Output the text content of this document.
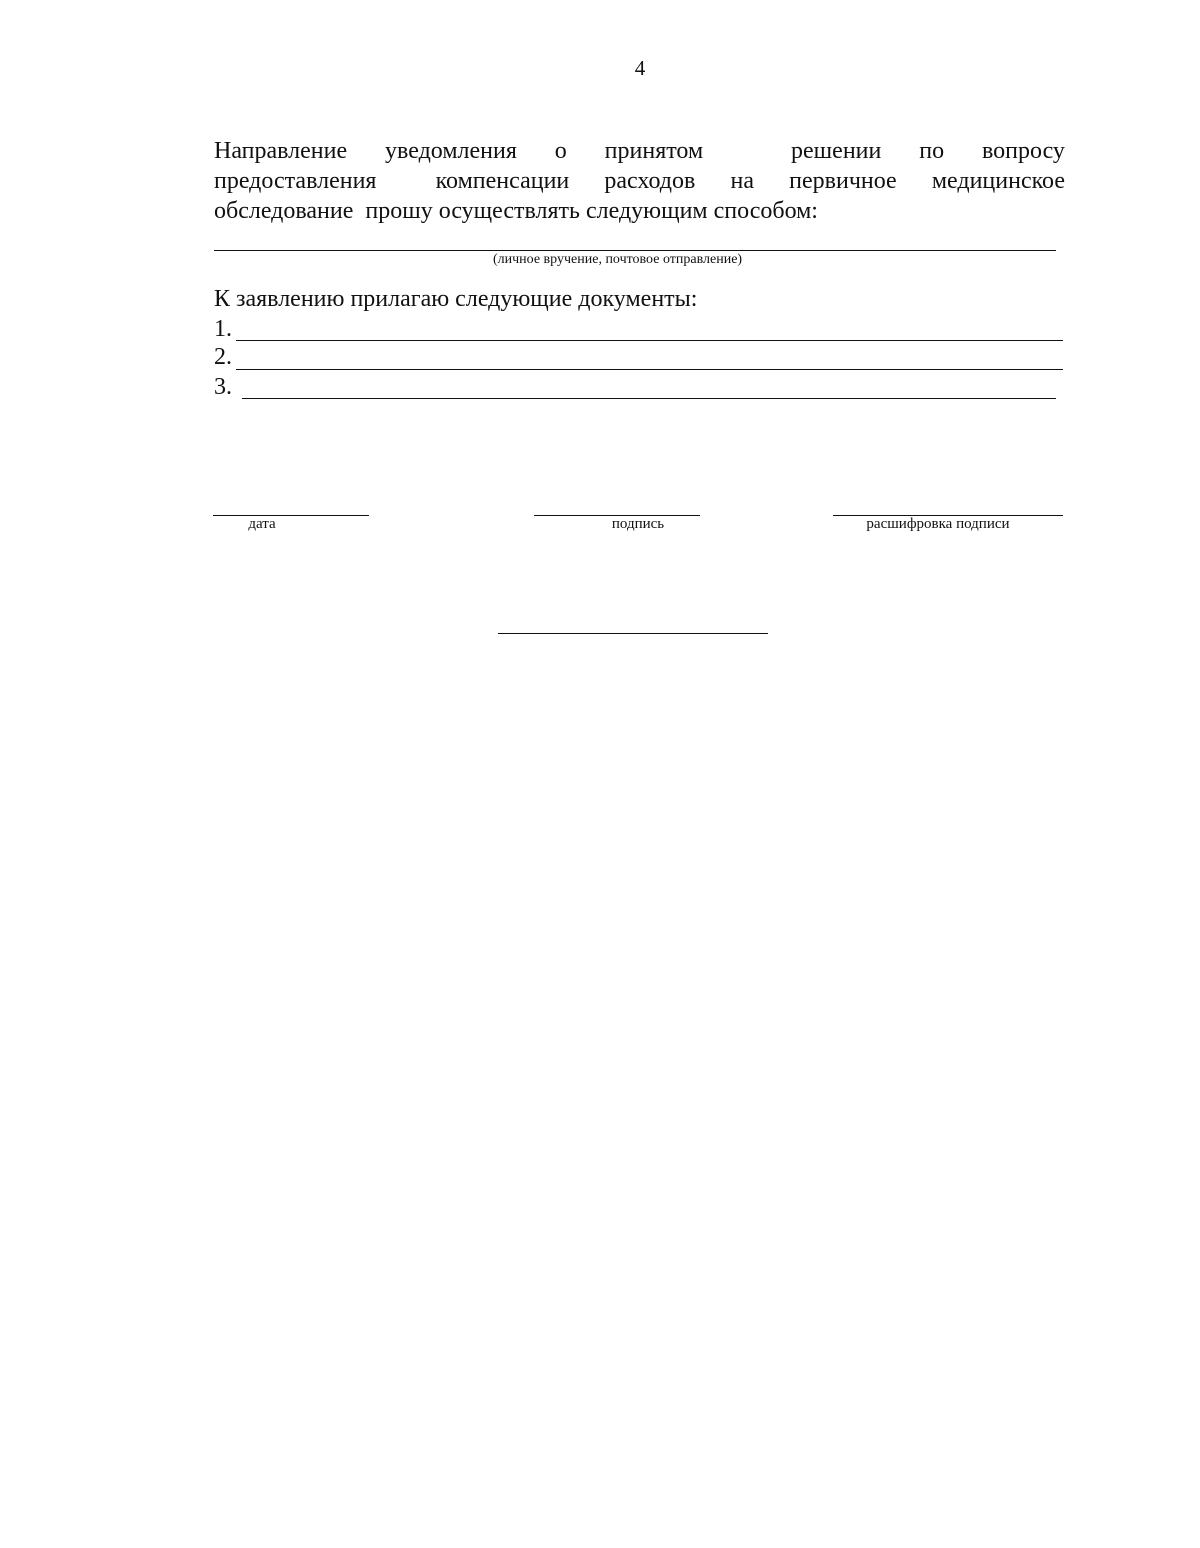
4
Направление уведомления о принятом	решении по вопросу
предоставления компенсации расходов на первичное медицинское
обследование  прошу осуществлять следующим способом:
(личное вручение, почтовое отправление)
К заявлению прилагаю следующие документы:
1.
2.
3.
дата	подпись	расшифровка подписи
